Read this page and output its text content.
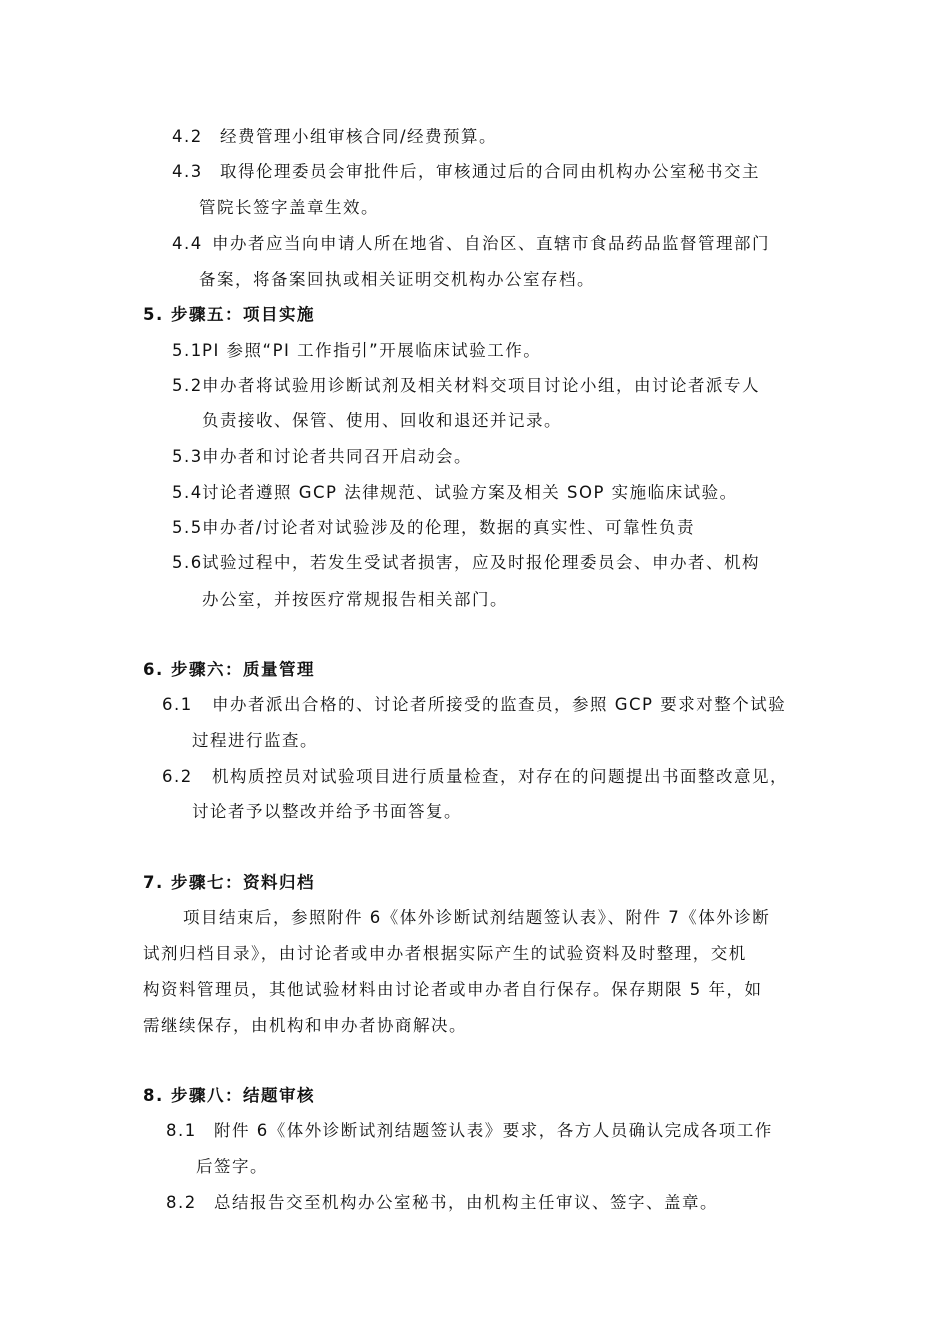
4.2 经费管理小组审核合同/经费预算。
4.3 取得伦理委员会审批件后，审核通过后的合同由机构办公室秘书交主
管院长签字盖章生效。
4.4 申办者应当向申请人所在地省、自治区、直辖市食品药品监督管理部门
备案，将备案回执或相关证明交机构办公室存档。
5. 步骤五：项目实施
5.1PI 参照“PI 工作指引”开展临床试验工作。
5.2申办者将试验用诊断试剂及相关材料交项目讨论小组，由讨论者派专人
负责接收、保管、使用、回收和退还并记录。
5.3申办者和讨论者共同召开启动会。
5.4讨论者遵照 GCP 法律规范、试验方案及相关 SOP 实施临床试验。
5.5申办者/讨论者对试验涉及的伦理，数据的真实性、可靠性负责
5.6试验过程中，若发生受试者损害，应及时报伦理委员会、申办者、机构
办公室，并按医疗常规报告相关部门。
6. 步骤六：质量管理
6.1 申办者派出合格的、讨论者所接受的监查员，参照 GCP 要求对整个试验
过程进行监查。
6.2 机构质控员对试验项目进行质量检查，对存在的问题提出书面整改意见，
讨论者予以整改并给予书面答复。
7. 步骤七：资料归档
项目结束后，参照附件 6《体外诊断试剂结题签认表》、附件 7《体外诊断
试剂归档目录》，由讨论者或申办者根据实际产生的试验资料及时整理，交机
构资料管理员，其他试验材料由讨论者或申办者自行保存。保存期限 5 年，如
需继续保存，由机构和申办者协商解决。
8. 步骤八：结题审核
8.1 附件 6《体外诊断试剂结题签认表》要求，各方人员确认完成各项工作
后签字。
8.2 总结报告交至机构办公室秘书，由机构主任审议、签字、盖章。
